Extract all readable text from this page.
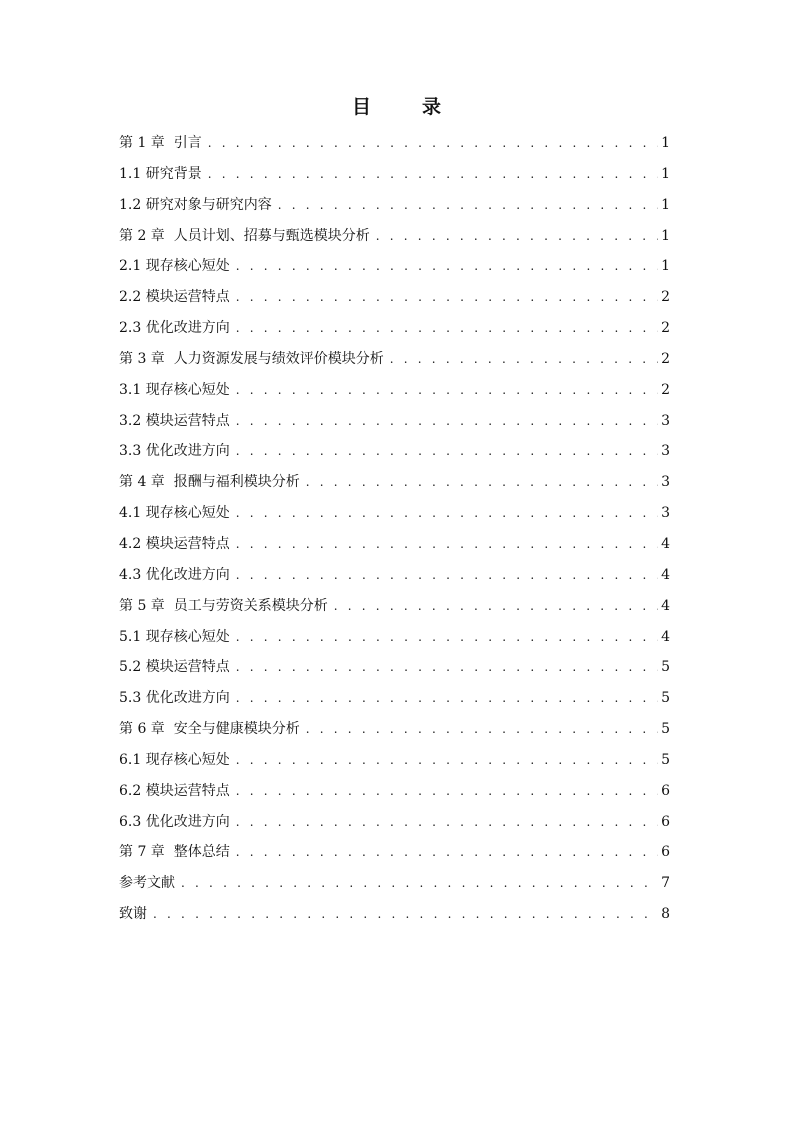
目　录
第 1 章  引言 . . .	1
1.1 研究背景 . . .	1
1.2 研究对象与研究内容 . . .	1
第 2 章  人员计划、招募与甄选模块分析 . . .	1
2.1 现存核心短处 . . .	1
2.2 模块运营特点 . . .	2
2.3 优化改进方向 . . .	2
第 3 章  人力资源发展与绩效评价模块分析 . . .	2
3.1 现存核心短处 . . .	2
3.2 模块运营特点 . . .	3
3.3 优化改进方向 . . .	3
第 4 章  报酬与福利模块分析 . . .	3
4.1 现存核心短处 . . .	3
4.2 模块运营特点 . . .	4
4.3 优化改进方向 . . .	4
第 5 章  员工与劳资关系模块分析 . . .	4
5.1 现存核心短处 . . .	4
5.2 模块运营特点 . . .	5
5.3 优化改进方向 . . .	5
第 6 章  安全与健康模块分析 . . .	5
6.1 现存核心短处 . . .	5
6.2 模块运营特点 . . .	6
6.3 优化改进方向 . . .	6
第 7 章  整体总结 . . .	6
参考文献 . . .	7
致谢 . . .	8
